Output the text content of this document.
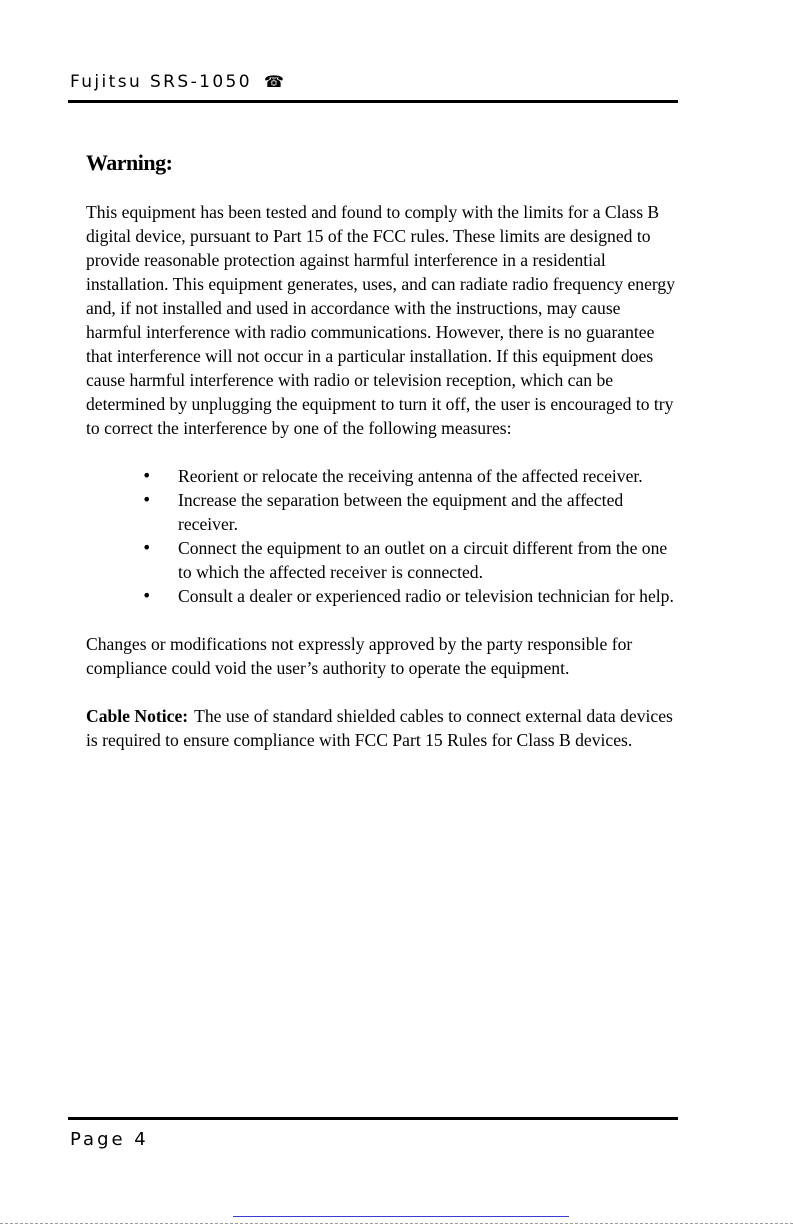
Fujitsu SRS-1050 ☎
Warning:

This equipment has been tested and found to comply with the limits for a Class B digital device, pursuant to Part 15 of the FCC rules. These limits are designed to provide reasonable protection against harmful interference in a residential installation. This equipment generates, uses, and can radiate radio frequency energy and, if not installed and used in accordance with the instructions, may cause harmful interference with radio communications. However, there is no guarantee that interference will not occur in a particular installation. If this equipment does cause harmful interference with radio or television reception, which can be determined by unplugging the equipment to turn it off, the user is encouraged to try to correct the interference by one of the following measures:

• Reorient or relocate the receiving antenna of the affected receiver.
• Increase the separation between the equipment and the affected receiver.
• Connect the equipment to an outlet on a circuit different from the one to which the affected receiver is connected.
• Consult a dealer or experienced radio or television technician for help.

Changes or modifications not expressly approved by the party responsible for compliance could void the user’s authority to operate the equipment.

Cable Notice: The use of standard shielded cables to connect external data devices is required to ensure compliance with FCC Part 15 Rules for Class B devices.

Page 4
